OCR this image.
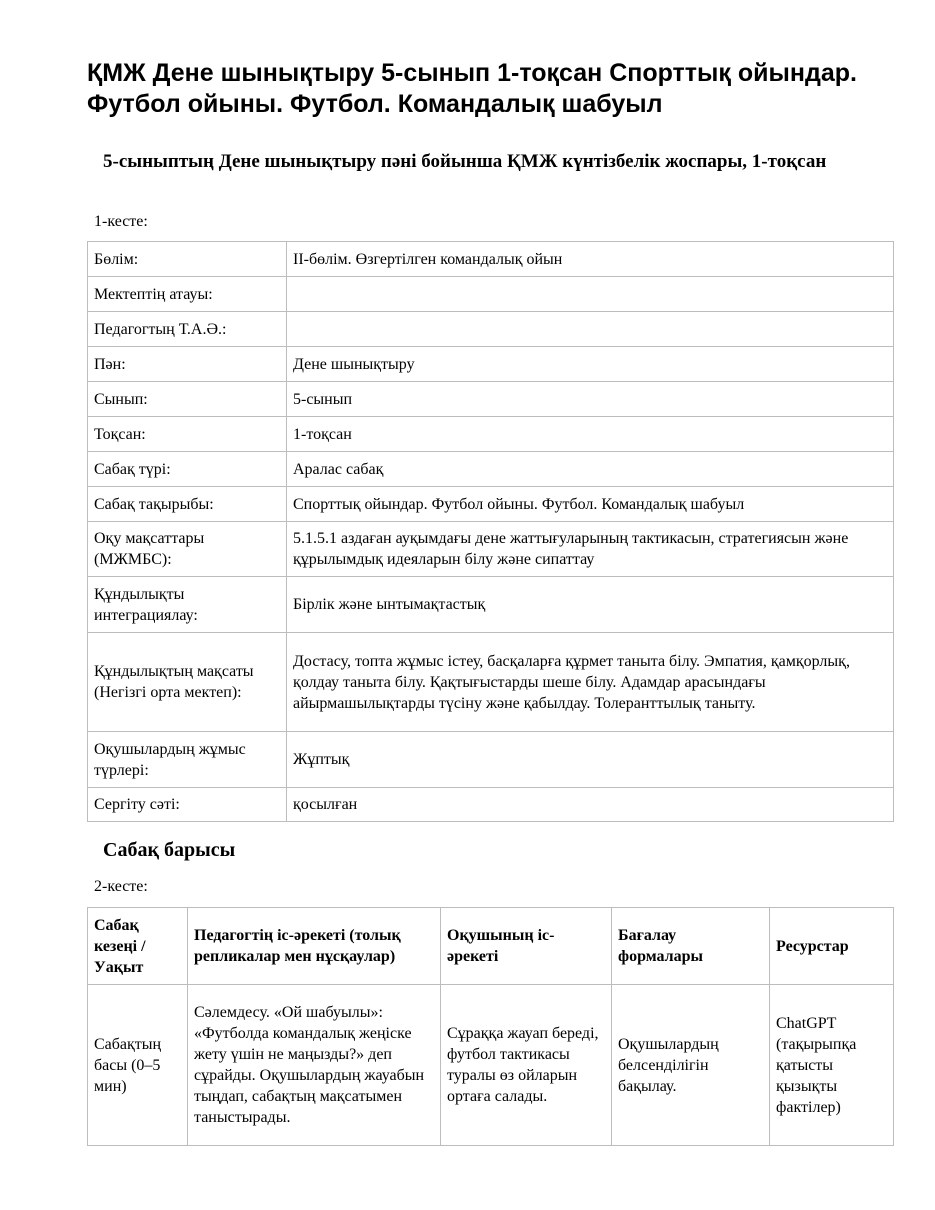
ҚМЖ Дене шынықтыру 5-сынып 1-тоқсан Спорттық ойындар. Футбол ойыны. Футбол. Командалық шабуыл
5-сыныптың Дене шынықтыру пәні бойынша ҚМЖ күнтізбелік жоспары, 1-тоқсан
1-кесте:
Бөлім:	II-бөлім. Өзгертілген командалық ойын
Мектептің атауы:	
Педагогтың Т.А.Ә.:	
Пән:	Дене шынықтыру
Сынып:	5-сынып
Тоқсан:	1-тоқсан
Сабақ түрі:	Аралас сабақ
Сабақ тақырыбы:	Спорттық ойындар. Футбол ойыны. Футбол. Командалық шабуыл
Оқу мақсаттары (МЖМБС):	5.1.5.1 аздаған ауқымдағы дене жаттығуларының тактикасын, стратегиясын және құрылымдық идеяларын білу және сипаттау
Құндылықты интеграциялау:	Бірлік және ынтымақтастық
Құндылықтың мақсаты (Негізгі орта мектеп):	Достасу, топта жұмыс істеу, басқаларға құрмет таныта білу. Эмпатия, қамқорлық, қолдау таныта білу. Қақтығыстарды шеше білу. Адамдар арасындағы айырмашылықтарды түсіну және қабылдау. Толеранттылық таныту.
Оқушылардың жұмыс түрлері:	Жұптық
Сергіту сәті:	қосылған
Сабақ барысы
2-кесте:
Сабақ кезеңі / Уақыт	Педагогтің іс-әрекеті (толық репликалар мен нұсқаулар)	Оқушының іс-әрекеті	Бағалау формалары	Ресурстар
Сабақтың басы (0–5 мин)	Сәлемдесу. «Ой шабуылы»: «Футболда командалық жеңіске жету үшін не маңызды?» деп сұрайды. Оқушылардың жауабын тыңдап, сабақтың мақсатымен таныстырады.	Сұраққа жауап береді, футбол тактикасы туралы өз ойларын ортаға салады.	Оқушылардың белсенділігін бақылау.	ChatGPT (тақырыпқа қатысты қызықты фактілер)
